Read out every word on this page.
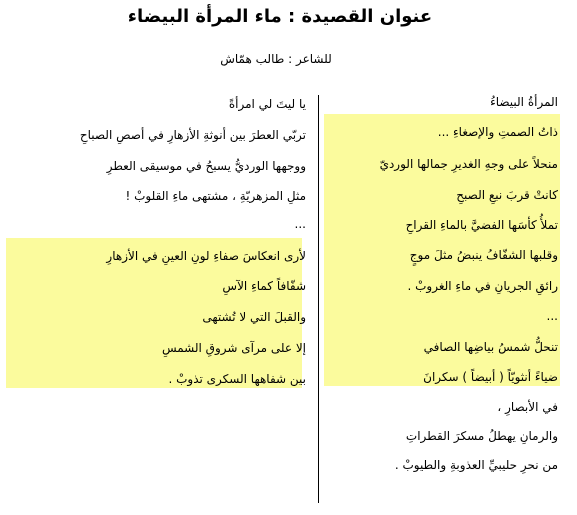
عنوان القصيدة : ماء المرأة البيضاء
للشاعر : طالب همّاش
المرأةُ البيضاءُ
ذاتُ الصمتِ والإصغاءِ ...
منحلاً على وجهِ الغديرِ جمالها الورديّ
كانتْ قربَ نبعِ الصبحِ
تملأُ كأسَها الفضيَّ بالماءِ القراحِ
وقلبها الشفّافُ ينبضُ مثلَ موجٍ
رائقِ الجريانِ في ماءِ الغروبْ .
...
تنحلُّ شمسُ بياضِها الصافي
ضياءً أنثويّاً ( أبيضاً ) سكرانَ
في الأبصارِ ،
والرمانِ يهطلُ مسكرَ القطراتِ
من نحرِ حليبيِّ العذوبةِ والطيوبْ .
يا ليتَ لي امرأةً
تربّي العطرَ بين أنوثةِ الأزهارِ في أصصِ الصباحِ
ووجهها الورديُّ يسبحُ في موسيقى العطرِ
مثلِ المزهريّةِ ، مشتهى ماءِ القلوبْ !
...
لأرى انعكاسَ صفاءِ لونِ العينِ في الأزهارِ
شفّافاً كماءِ الآسِ
والقبلَ التي لا تُشتهى
إلا على مرآى شروقِ الشمسِ
بين شفاهها السكرى تذوبْ .
